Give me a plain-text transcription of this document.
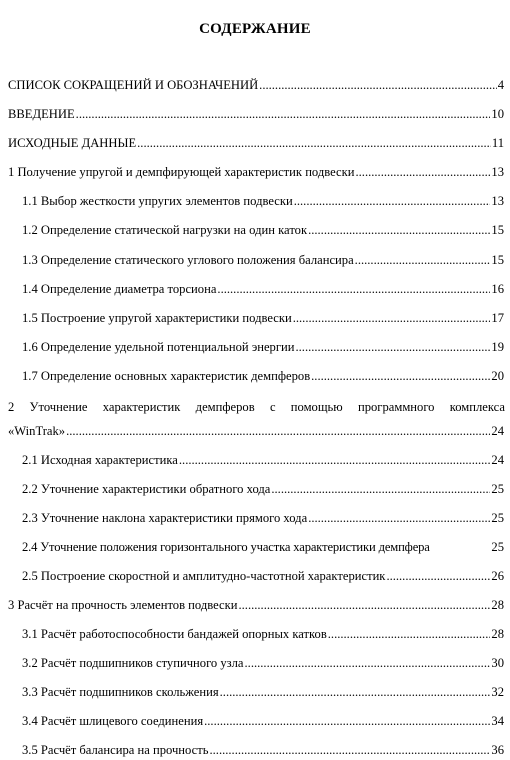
СОДЕРЖАНИЕ
СПИСОК СОКРАЩЕНИЙ И ОБОЗНАЧЕНИЙ .....	4
ВВЕДЕНИЕ .....	10
ИСХОДНЫЕ ДАННЫЕ .....	11
1 Получение упругой и демпфирующей характеристик подвески .....	13
1.1 Выбор жесткости упругих элементов подвески .....	13
1.2 Определение статической нагрузки на один каток .....	15
1.3 Определение статического углового положения балансира .....	15
1.4 Определение диаметра торсиона .....	16
1.5 Построение упругой характеристики подвески .....	17
1.6 Определение удельной потенциальной энергии .....	19
1.7 Определение основных характеристик демпферов .....	20
2 Уточнение характеристик демпферов с помощью программного комплекса
«WinTrak» .....	24
2.1 Исходная характеристика .....	24
2.2 Уточнение характеристики обратного хода .....	25
2.3 Уточнение наклона характеристики прямого хода .....	25
2.4 Уточнение положения горизонтального участка характеристики демпфера	25
2.5 Построение скоростной и амплитудно-частотной характеристик .....	26
3 Расчёт на прочность элементов подвески .....	28
3.1 Расчёт работоспособности бандажей опорных катков .....	28
3.2 Расчёт подшипников ступичного узла .....	30
3.3 Расчёт подшипников скольжения .....	32
3.4 Расчёт шлицевого соединения .....	34
3.5 Расчёт балансира на прочность .....	36
